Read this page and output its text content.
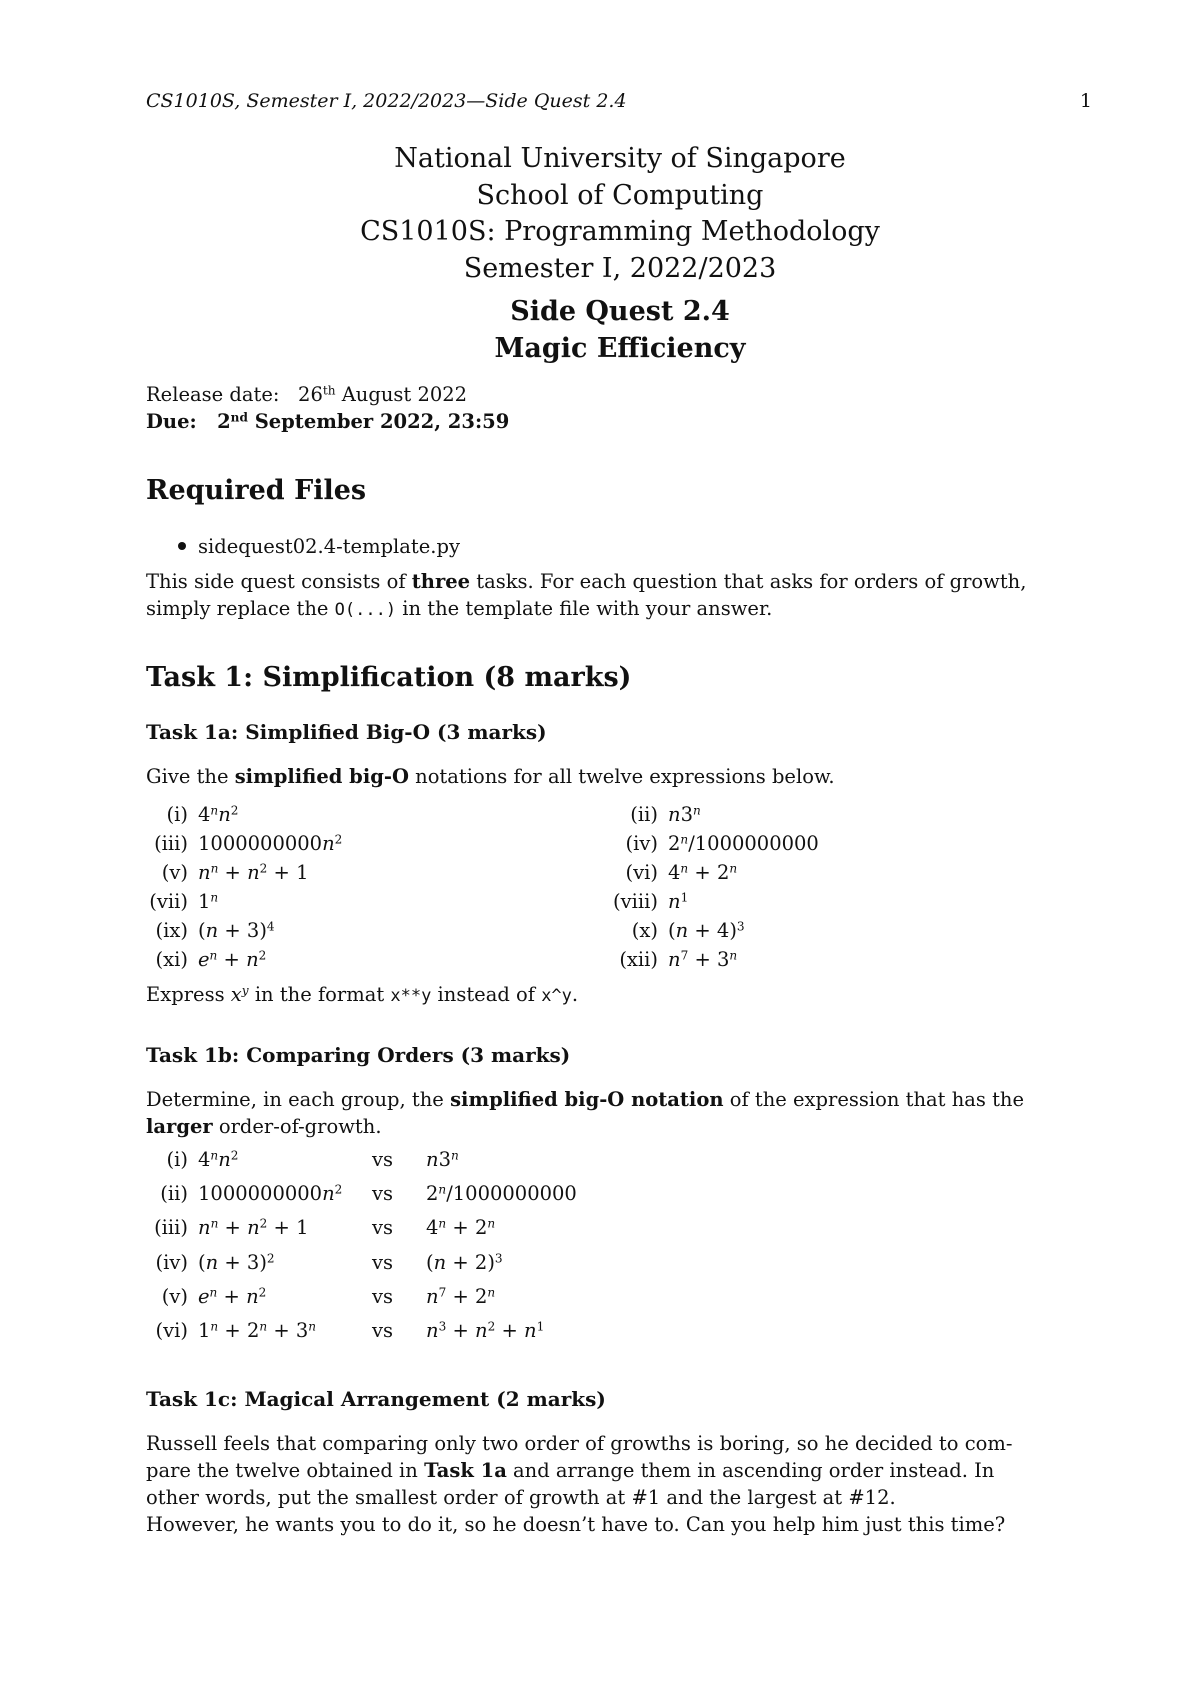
CS1010S, Semester I, 2022/2023—Side Quest 2.4	1
National University of Singapore
School of Computing
CS1010S: Programming Methodology
Semester I, 2022/2023
Side Quest 2.4
Magic Efficiency
Release date: 26th August 2022
Due: 2nd September 2022, 23:59
Required Files
sidequest02.4-template.py
This side quest consists of three tasks. For each question that asks for orders of growth,
simply replace the O(...) in the template file with your answer.
Task 1: Simplification (8 marks)
Task 1a: Simplified Big-O (3 marks)
Give the simplified big-O notations for all twelve expressions below.
(i) $4^nn^2$	(ii) n3$^n$
(iii) $1000000000n^2$	(iv) 2$^n$/1000000000
(v) $n^n + n^2 + 1$	(vi) $4^n + 2^n$
(vii) 1$^n$	(viii) $n^1$
(ix) $(n + 3)^4$	(x) $(n + 4)^3$
(xi) $e^n + n^2$	(xii) $n^7 + 3^n$
Express $x^y$ in the format x**y instead of x^y.
Task 1b: Comparing Orders (3 marks)
Determine, in each group, the simplified big-O notation of the expression that has the
larger order-of-growth.
(i) $4^nn^2$	vs n3$^n$
(ii) $1000000000n^2$ vs 2$^n$/1000000000
(iii) $n^n + n^2 + 1$	vs $4^n + 2^n$
(iv) $(n + 3)^2$	vs $(n + 2)^3$
(v) $e^n + n^2$	vs $n^7 + 2^n$
(vi) $1^n + 2^n + 3^n$	vs $n^3 + n^2 + n^1$
Task 1c: Magical Arrangement (2 marks)
Russell feels that comparing only two order of growths is boring, so he decided to com-
pare the twelve obtained in Task 1a and arrange them in ascending order instead. In
other words, put the smallest order of growth at #1 and the largest at #12.
However, he wants you to do it, so he doesn’t have to. Can you help him just this time?
